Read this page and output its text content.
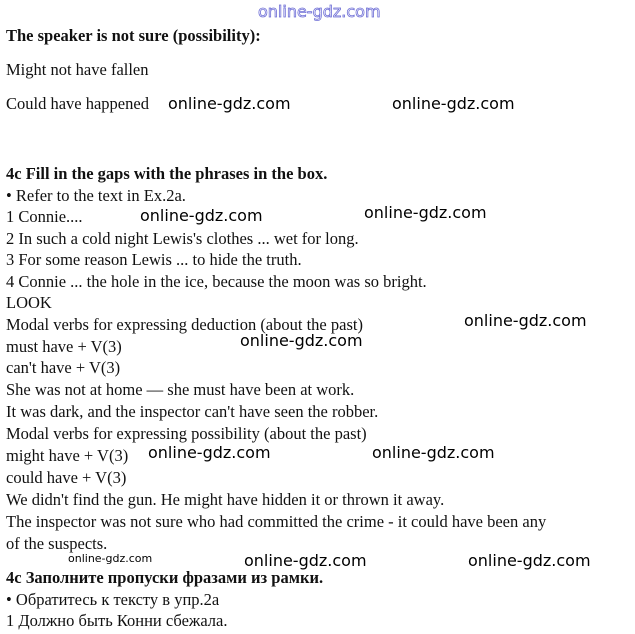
online-gdz.com
The speaker is not sure (possibility):
Might not have fallen
Could have happened
4c Fill in the gaps with the phrases in the box.
• Refer to the text in Ex.2a.
1 Connie....
2 In such a cold night Lewis's clothes ... wet for long.
3 For some reason Lewis ... to hide the truth.
4 Connie ... the hole in the ice, because the moon was so bright.
LOOK
Modal verbs for expressing deduction (about the past)
must have + V(3)
can't have + V(3)
She was not at home — she must have been at work.
It was dark, and the inspector can't have seen the robber.
Modal verbs for expressing possibility (about the past)
might have + V(3)
could have + V(3)
We didn't find the gun. He might have hidden it or thrown it away.
The inspector was not sure who had committed the crime - it could have been any
of the suspects.
4c Заполните пропуски фразами из рамки.
• Обратитесь к тексту в упр.2а
1 Должно быть Конни сбежала.
online-gdz.com	online-gdz.com
online-gdz.com	online-gdz.com
online-gdz.com
online-gdz.com
online-gdz.com	online-gdz.com
online-gdz.com	online-gdz.com	online-gdz.com
